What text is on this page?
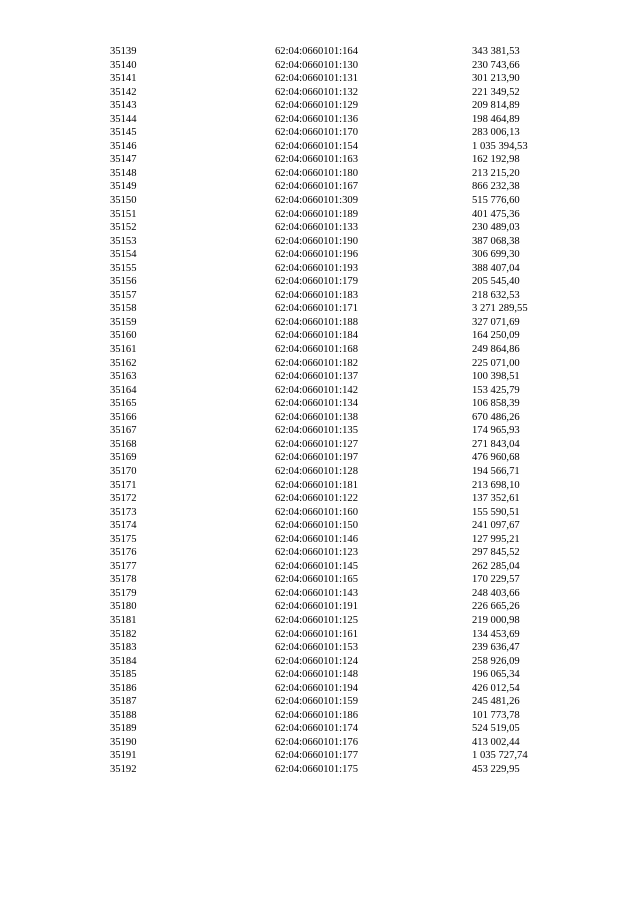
35139	62:04:0660101:164	343 381,53
35140	62:04:0660101:130	230 743,66
35141	62:04:0660101:131	301 213,90
35142	62:04:0660101:132	221 349,52
35143	62:04:0660101:129	209 814,89
35144	62:04:0660101:136	198 464,89
35145	62:04:0660101:170	283 006,13
35146	62:04:0660101:154	1 035 394,53
35147	62:04:0660101:163	162 192,98
35148	62:04:0660101:180	213 215,20
35149	62:04:0660101:167	866 232,38
35150	62:04:0660101:309	515 776,60
35151	62:04:0660101:189	401 475,36
35152	62:04:0660101:133	230 489,03
35153	62:04:0660101:190	387 068,38
35154	62:04:0660101:196	306 699,30
35155	62:04:0660101:193	388 407,04
35156	62:04:0660101:179	205 545,40
35157	62:04:0660101:183	218 632,53
35158	62:04:0660101:171	3 271 289,55
35159	62:04:0660101:188	327 071,69
35160	62:04:0660101:184	164 250,09
35161	62:04:0660101:168	249 864,86
35162	62:04:0660101:182	225 071,00
35163	62:04:0660101:137	100 398,51
35164	62:04:0660101:142	153 425,79
35165	62:04:0660101:134	106 858,39
35166	62:04:0660101:138	670 486,26
35167	62:04:0660101:135	174 965,93
35168	62:04:0660101:127	271 843,04
35169	62:04:0660101:197	476 960,68
35170	62:04:0660101:128	194 566,71
35171	62:04:0660101:181	213 698,10
35172	62:04:0660101:122	137 352,61
35173	62:04:0660101:160	155 590,51
35174	62:04:0660101:150	241 097,67
35175	62:04:0660101:146	127 995,21
35176	62:04:0660101:123	297 845,52
35177	62:04:0660101:145	262 285,04
35178	62:04:0660101:165	170 229,57
35179	62:04:0660101:143	248 403,66
35180	62:04:0660101:191	226 665,26
35181	62:04:0660101:125	219 000,98
35182	62:04:0660101:161	134 453,69
35183	62:04:0660101:153	239 636,47
35184	62:04:0660101:124	258 926,09
35185	62:04:0660101:148	196 065,34
35186	62:04:0660101:194	426 012,54
35187	62:04:0660101:159	245 481,26
35188	62:04:0660101:186	101 773,78
35189	62:04:0660101:174	524 519,05
35190	62:04:0660101:176	413 002,44
35191	62:04:0660101:177	1 035 727,74
35192	62:04:0660101:175	453 229,95
